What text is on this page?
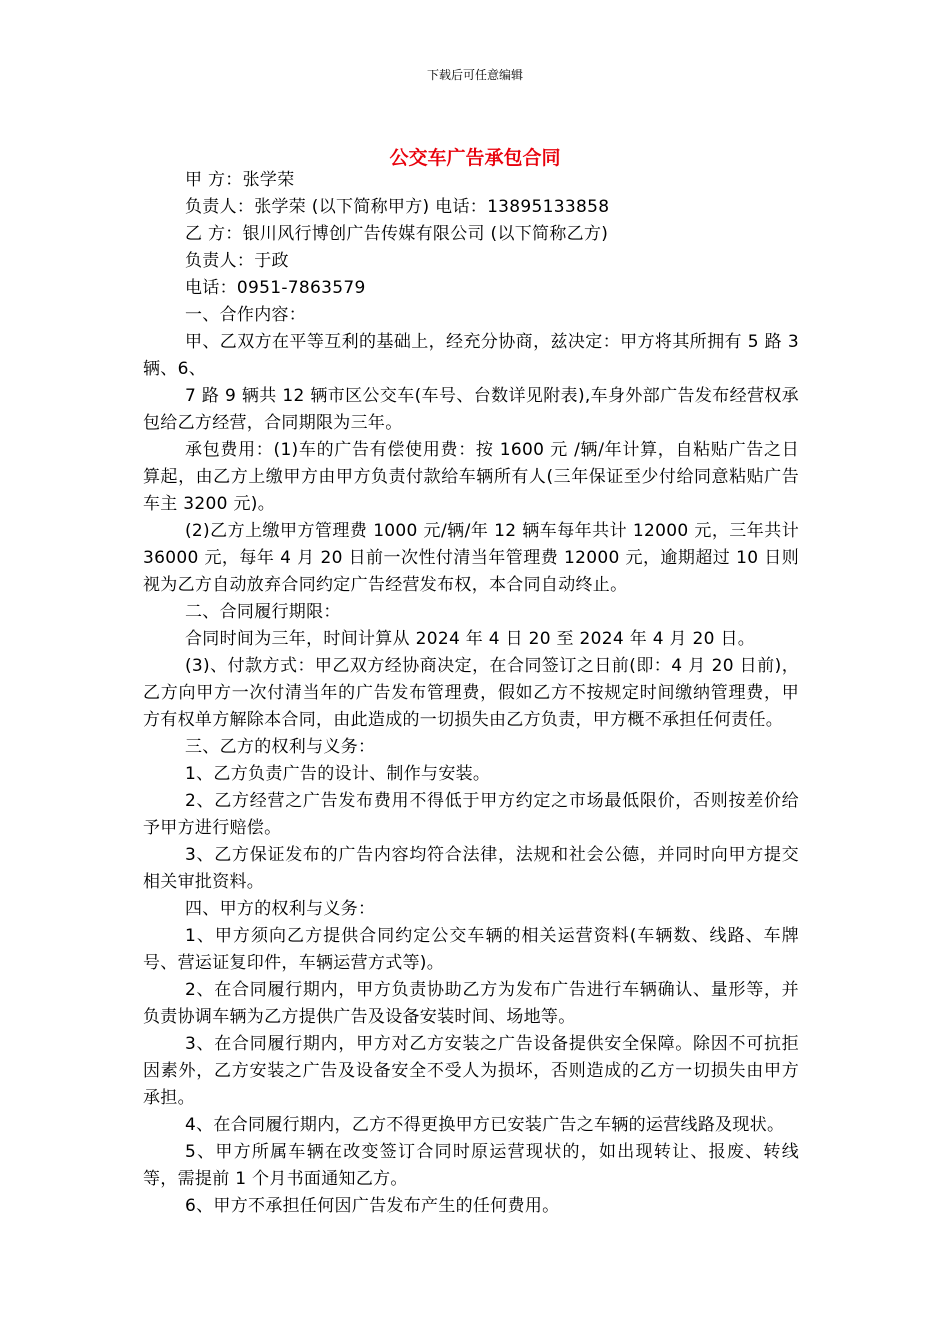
下载后可任意编辑
公交车广告承包合同

甲 方：张学荣

负责人：张学荣 (以下简称甲方) 电话：13895133858

乙 方：银川风行博创广告传媒有限公司 (以下简称乙方)

负责人：于政

电话：0951-7863579

一、合作内容：

甲、乙双方在平等互利的基础上，经充分协商，兹决定：甲方将其所拥有 5 路 3 辆、6、

7 路 9 辆共 12 辆市区公交车(车号、台数详见附表),车身外部广告发布经营权承包给乙方经营，合同期限为三年。

承包费用：(1)车的广告有偿使用费：按 1600 元 /辆/年计算，自粘贴广告之日算起，由乙方上缴甲方由甲方负责付款给车辆所有人(三年保证至少付给同意粘贴广告车主 3200 元)。

(2)乙方上缴甲方管理费 1000 元/辆/年 12 辆车每年共计 12000 元，三年共计 36000 元，每年 4 月 20 日前一次性付清当年管理费 12000 元，逾期超过 10 日则视为乙方自动放弃合同约定广告经营发布权，本合同自动终止。

二、合同履行期限：

合同时间为三年，时间计算从 2024 年 4 日 20 至 2024 年 4 月 20 日。

(3)、付款方式：甲乙双方经协商决定，在合同签订之日前(即：4 月 20 日前)，乙方向甲方一次付清当年的广告发布管理费，假如乙方不按规定时间缴纳管理费，甲方有权单方解除本合同，由此造成的一切损失由乙方负责，甲方概不承担任何责任。

三、乙方的权利与义务：

1、乙方负责广告的设计、制作与安装。

2、乙方经营之广告发布费用不得低于甲方约定之市场最低限价，否则按差价给予甲方进行赔偿。

3、乙方保证发布的广告内容均符合法律，法规和社会公德，并同时向甲方提交相关审批资料。

四、甲方的权利与义务：

1、甲方须向乙方提供合同约定公交车辆的相关运营资料(车辆数、线路、车牌号、营运证复印件，车辆运营方式等)。

2、在合同履行期内，甲方负责协助乙方为发布广告进行车辆确认、量形等，并负责协调车辆为乙方提供广告及设备安装时间、场地等。

3、在合同履行期内，甲方对乙方安装之广告设备提供安全保障。除因不可抗拒因素外，乙方安装之广告及设备安全不受人为损坏，否则造成的乙方一切损失由甲方承担。

4、在合同履行期内，乙方不得更换甲方已安装广告之车辆的运营线路及现状。

5、甲方所属车辆在改变签订合同时原运营现状的，如出现转让、报废、转线等，需提前 1 个月书面通知乙方。

6、甲方不承担任何因广告发布产生的任何费用。
